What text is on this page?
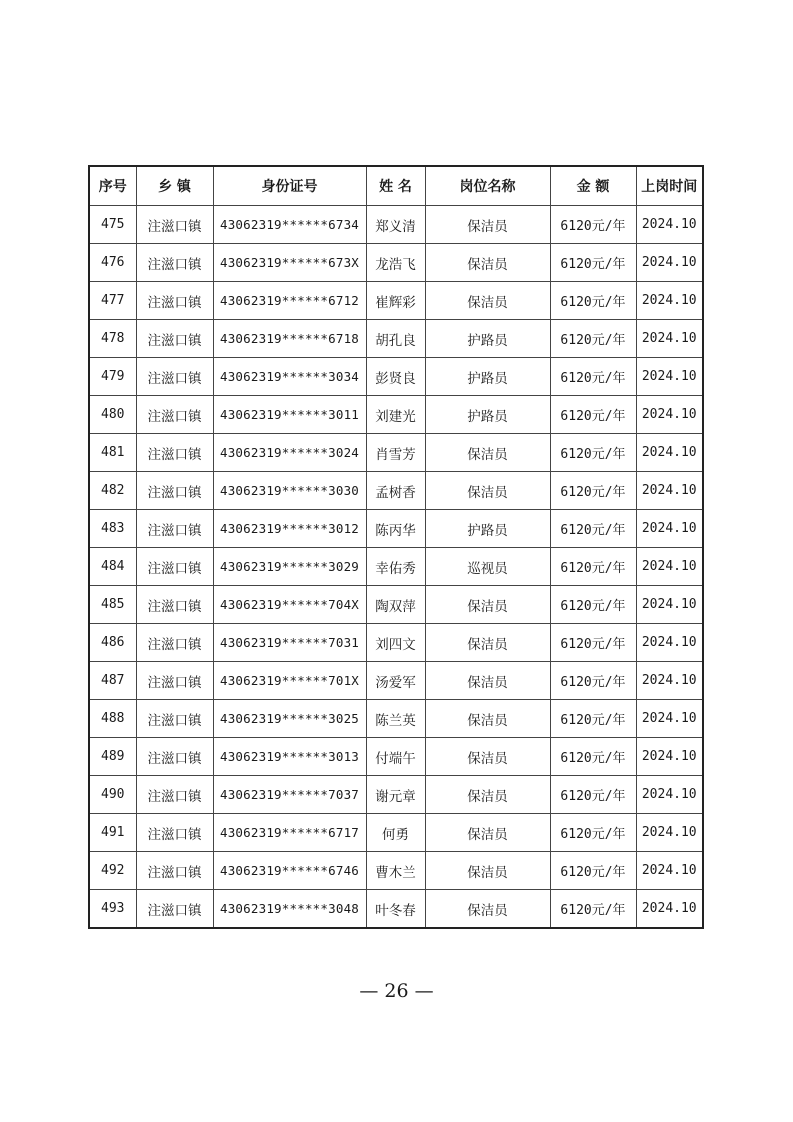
序号	乡 镇	身份证号	姓 名	岗位名称	金 额	上岗时间
475	注滋口镇	43062319******6734	郑义清	保洁员	6120元/年	2024.10
476	注滋口镇	43062319******673X	龙浩飞	保洁员	6120元/年	2024.10
477	注滋口镇	43062319******6712	崔辉彩	保洁员	6120元/年	2024.10
478	注滋口镇	43062319******6718	胡孔良	护路员	6120元/年	2024.10
479	注滋口镇	43062319******3034	彭贤良	护路员	6120元/年	2024.10
480	注滋口镇	43062319******3011	刘建光	护路员	6120元/年	2024.10
481	注滋口镇	43062319******3024	肖雪芳	保洁员	6120元/年	2024.10
482	注滋口镇	43062319******3030	孟树香	保洁员	6120元/年	2024.10
483	注滋口镇	43062319******3012	陈丙华	护路员	6120元/年	2024.10
484	注滋口镇	43062319******3029	幸佑秀	巡视员	6120元/年	2024.10
485	注滋口镇	43062319******704X	陶双萍	保洁员	6120元/年	2024.10
486	注滋口镇	43062319******7031	刘四文	保洁员	6120元/年	2024.10
487	注滋口镇	43062319******701X	汤爱军	保洁员	6120元/年	2024.10
488	注滋口镇	43062319******3025	陈兰英	保洁员	6120元/年	2024.10
489	注滋口镇	43062319******3013	付端午	保洁员	6120元/年	2024.10
490	注滋口镇	43062319******7037	谢元章	保洁员	6120元/年	2024.10
491	注滋口镇	43062319******6717	何勇	保洁员	6120元/年	2024.10
492	注滋口镇	43062319******6746	曹木兰	保洁员	6120元/年	2024.10
493	注滋口镇	43062319******3048	叶冬春	保洁员	6120元/年	2024.10
— 26 —
